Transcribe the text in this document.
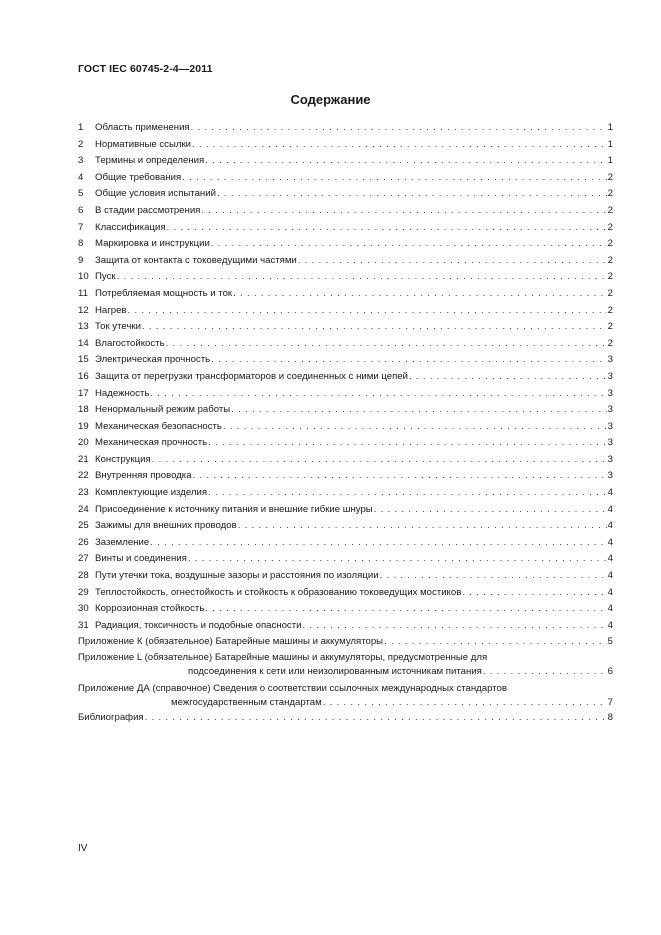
ГОСТ IEC 60745-2-4—2011
Содержание
1	Область применения . . .	1
2	Нормативные ссылки . . .	1
3	Термины и определения . . .	1
4	Общие требования . . .	2
5	Общие условия испытаний . . .	2
6	В стадии рассмотрения . . .	2
7	Классификация . . .	2
8	Маркировка и инструкции . . .	2
9	Защита от контакта с токоведущими частями . . .	2
10 Пуск . . .	2
11 Потребляемая мощность и ток . . .	2
12 Нагрев . . .	2
13 Ток утечки . . .	2
14 Влагостойкость . . .	2
15 Электрическая прочность . . .	3
16 Защита от перегрузки трансформаторов и соединенных с ними цепей . . .	3
17 Надежность . . .	3
18 Ненормальный режим работы . . .	3
19 Механическая безопасность . . .	3
20 Механическая прочность . . .	3
21 Конструкция . . .	3
22 Внутренняя проводка . . .	3
23 Комплектующие изделия . . .	4
24 Присоединение к источнику питания и внешние гибкие шнуры . . .	4
25 Зажимы для внешних проводов . . .	4
26 Заземление . . .	4
27 Винты и соединения . . .	4
28 Пути утечки тока, воздушные зазоры и расстояния по изоляции . . .	4
29 Теплостойкость, огнестойкость и стойкость к образованию токоведущих мостиков . . .	4
30 Коррозионная стойкость . . .	4
31 Радиация, токсичность и подобные опасности . . .	4
Приложение К (обязательное) Батарейные машины и аккумуляторы . . .	5
Приложение L (обязательное) Батарейные машины и аккумуляторы, предусмотренные для
подсоединения к сети или неизолированным источникам питания . . .	6
Приложение ДА (справочное) Сведения о соответствии ссылочных международных стандартов
межгосударственным стандартам . . .	7
Библиография . . .	8
IV
